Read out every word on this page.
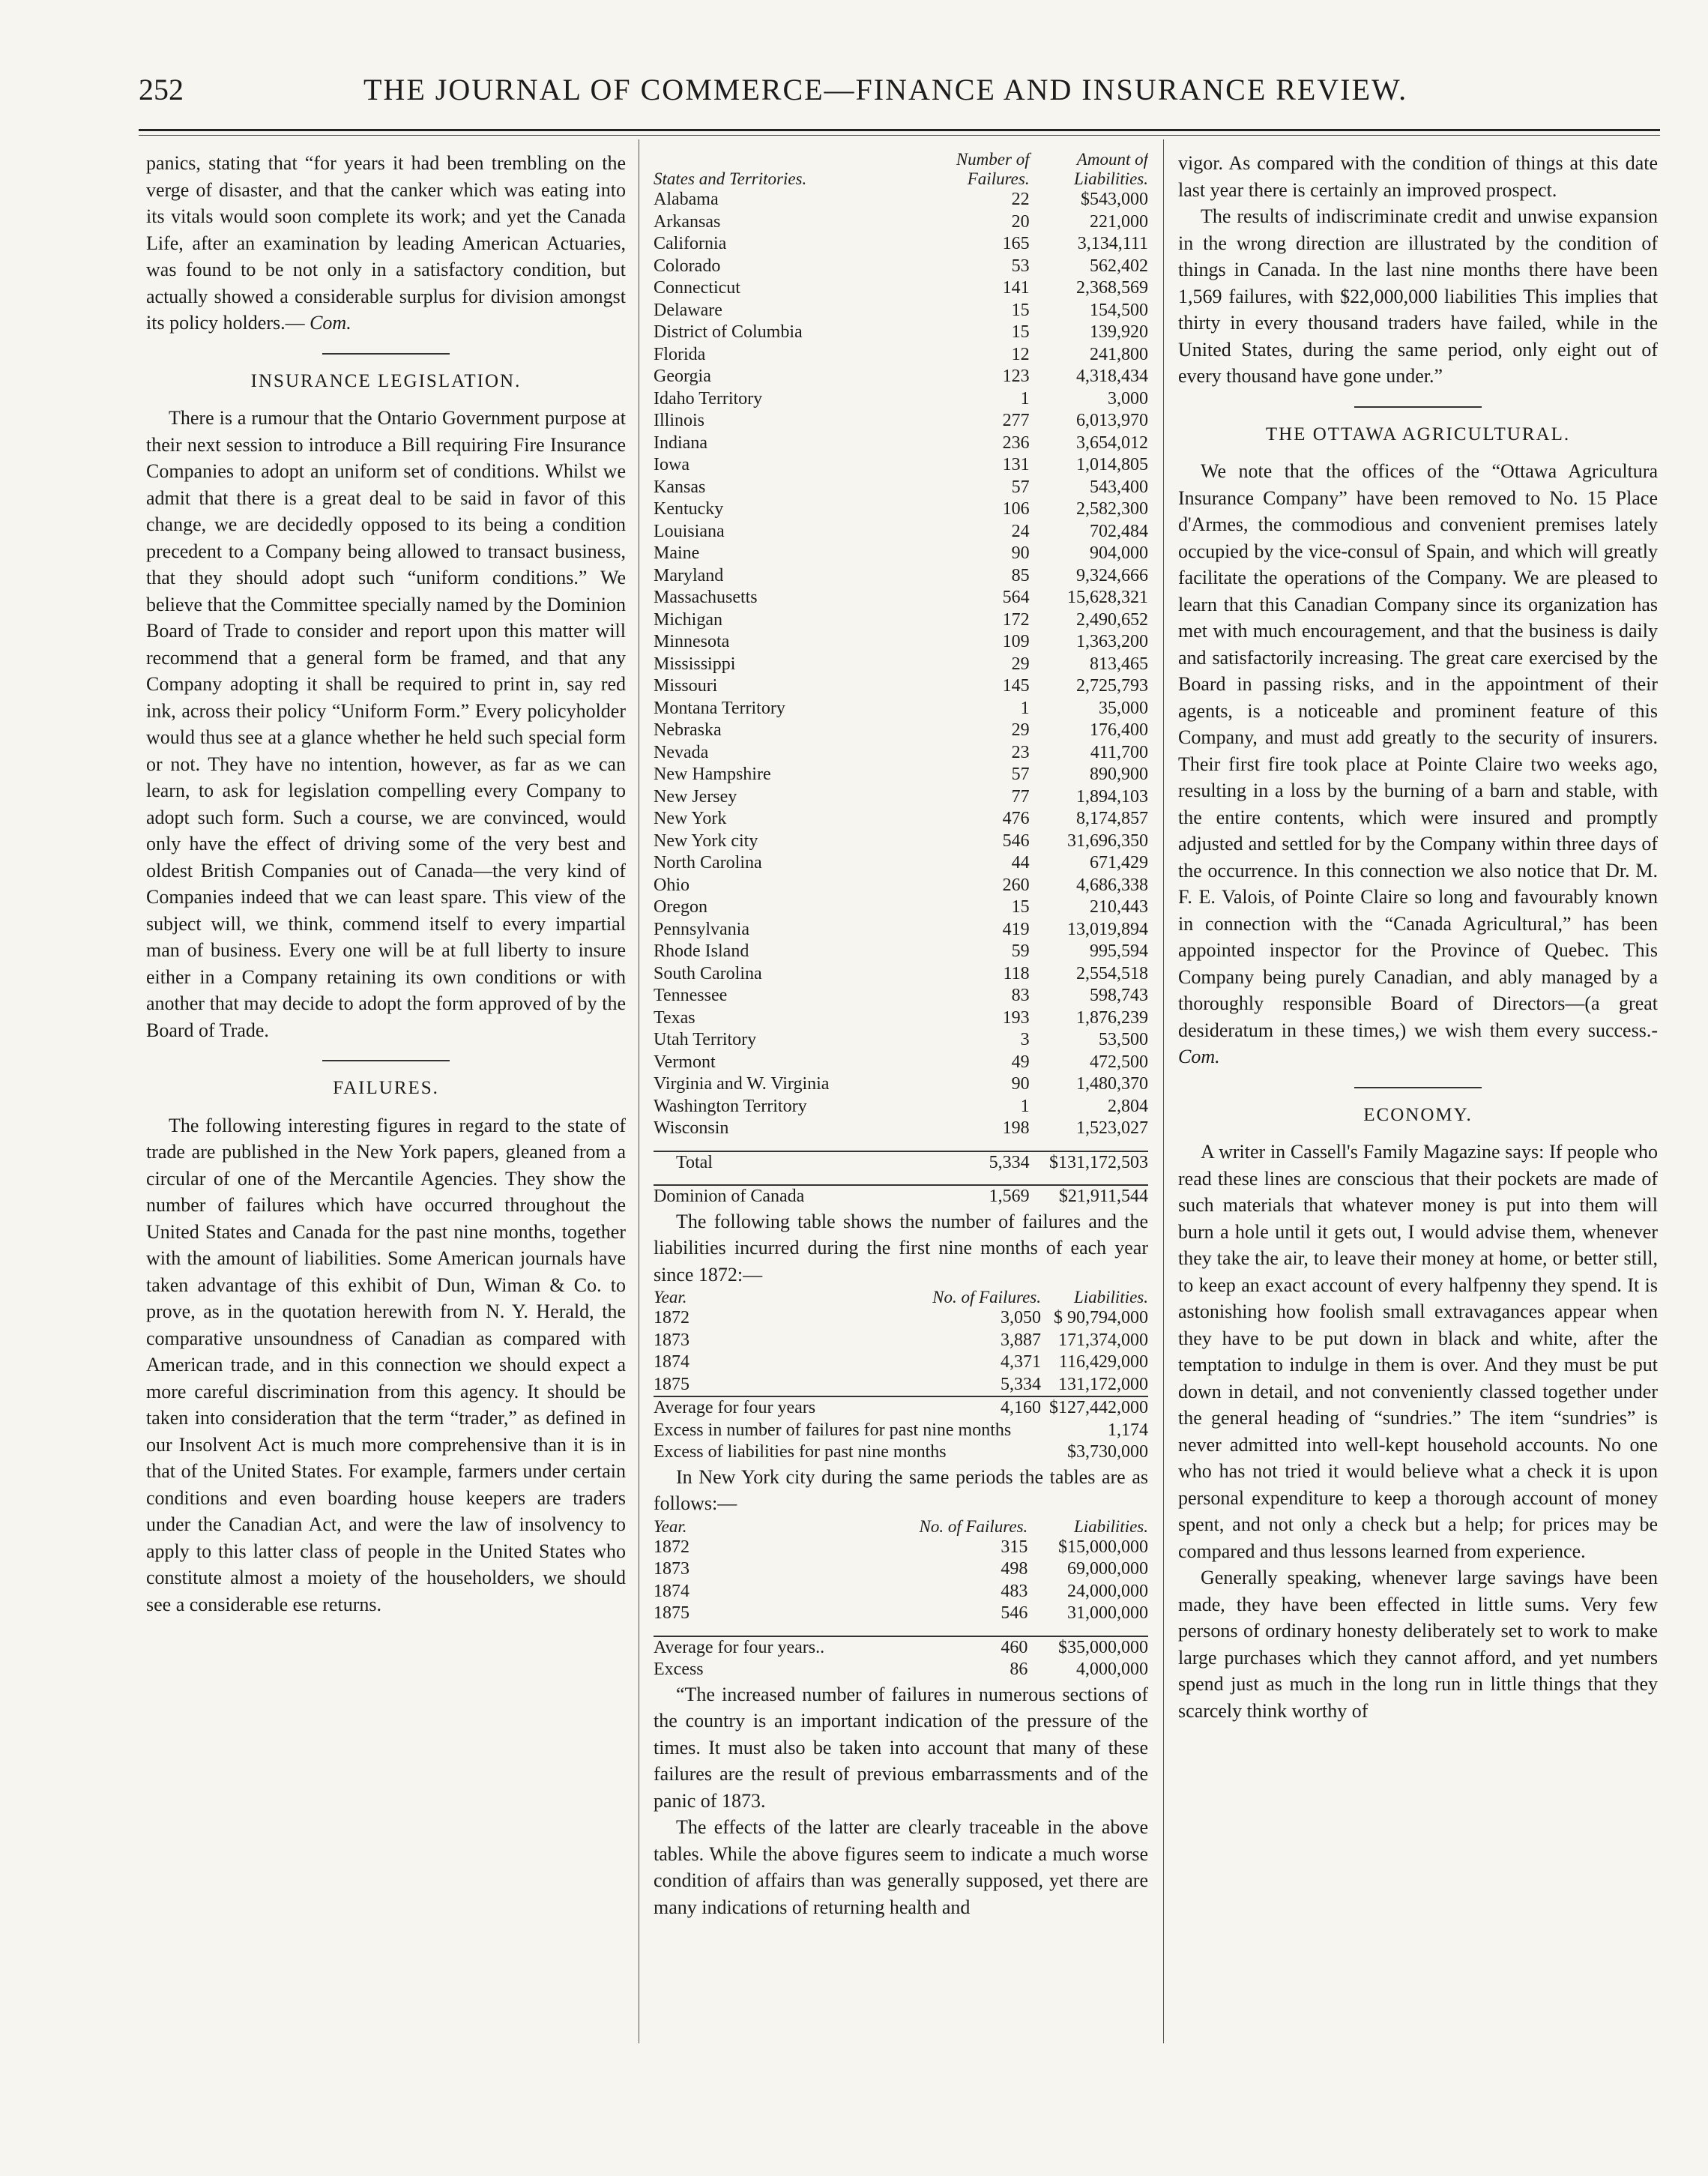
252	THE JOURNAL OF COMMERCE—FINANCE AND INSURANCE REVIEW.

panics, stating that “for years it had been trembling on the verge of disaster, and that the canker which was eating into its vitals would soon complete its work; and yet the Canada Life, after an examination by leading American Actuaries, was found to be not only in a satisfactory condition, but actually showed a considerable surplus for division amongst its policy holders.— Com.

INSURANCE LEGISLATION.

There is a rumour that the Ontario Government purpose at their next session to introduce a Bill requiring Fire Insurance Companies to adopt an uniform set of conditions. Whilst we admit that there is a great deal to be said in favor of this change, we are decidedly opposed to its being a condition precedent to a Company being allowed to transact business, that they should adopt such “uniform conditions.” We believe that the Committee specially named by the Dominion Board of Trade to consider and report upon this matter will recommend that a general form be framed, and that any Company adopting it shall be required to print in, say red ink, across their policy “Uniform Form.” Every policyholder would thus see at a glance whether he held such special form or not. They have no intention, however, as far as we can learn, to ask for legislation compelling every Company to adopt such form. Such a course, we are convinced, would only have the effect of driving some of the very best and oldest British Companies out of Canada—the very kind of Companies indeed that we can least spare. This view of the subject will, we think, commend itself to every impartial man of business. Every one will be at full liberty to insure either in a Company retaining its own conditions or with another that may decide to adopt the form approved of by the Board of Trade.

FAILURES.

The following interesting figures in regard to the state of trade are published in the New York papers, gleaned from a circular of one of the Mercantile Agencies. They show the number of failures which have occurred throughout the United States and Canada for the past nine months, together with the amount of liabilities. Some American journals have taken advantage of this exhibit of Dun, Wiman & Co. to prove, as in the quotation herewith from N. Y. Herald, the comparative unsoundness of Canadian as compared with American trade, and in this connection we should expect a more careful discrimination from this agency. It should be taken into consideration that the term “trader,” as defined in our Insolvent Act is much more comprehensive than it is in that of the United States. For example, farmers under certain conditions and even boarding house keepers are traders under the Canadian Act, and were the law of insolvency to apply to this latter class of people in the United States who constitute almost a moiety of the householders, we should see a considerable ese returns.

States and Territories.	Number of Failures.	Amount of Liabilities.
Alabama	22	$543,000
Arkansas	20	221,000
California	165	3,134,111
Colorado	53	562,402
Connecticut	141	2,368,569
Delaware	15	154,500
District of Columbia	15	139,920
Florida	12	241,800
Georgia	123	4,318,434
Idaho Territory	1	3,000
Illinois	277	6,013,970
Indiana	236	3,654,012
Iowa	131	1,014,805
Kansas	57	543,400
Kentucky	106	2,582,300
Louisiana	24	702,484
Maine	90	904,000
Maryland	85	9,324,666
Massachusetts	564	15,628,321
Michigan	172	2,490,652
Minnesota	109	1,363,200
Mississippi	29	813,465
Missouri	145	2,725,793
Montana Territory	1	35,000
Nebraska	29	176,400
Nevada	23	411,700
New Hampshire	57	890,900
New Jersey	77	1,894,103
New York	476	8,174,857
New York city	546	31,696,350
North Carolina	44	671,429
Ohio	260	4,686,338
Oregon	15	210,443
Pennsylvania	419	13,019,894
Rhode Island	59	995,594
South Carolina	118	2,554,518
Tennessee	83	598,743
Texas	193	1,876,239
Utah Territory	3	53,500
Vermont	49	472,500
Virginia and W. Virginia	90	1,480,370
Washington Territory	1	2,804
Wisconsin	198	1,523,027

Total	5,334	$131,172,503

Dominion of Canada	1,569	$21,911,544

The following table shows the number of failures and the liabilities incurred during the first nine months of each year since 1872:—

Year.	No. of Failures.	Liabilities.
1872	3,050	$ 90,794,000
1873	3,887	171,374,000
1874	4,371	116,429,000
1875	5,334	131,172,000
Average for four years	4,160	$127,442,000
Excess in number of failures for past nine months		1,174
Excess of liabilities for past nine months		$3,730,000

In New York city during the same periods the tables are as follows:—

Year.	No. of Failures.	Liabilities.
1872	315	$15,000,000
1873	498	69,000,000
1874	483	24,000,000
1875	546	31,000,000

Average for four years..	460	$35,000,000
Excess	86	4,000,000

“The increased number of failures in numerous sections of the country is an important indication of the pressure of the times. It must also be taken into account that many of these failures are the result of previous embarrassments and of the panic of 1873.

The effects of the latter are clearly traceable in the above tables. While the above figures seem to indicate a much worse condition of affairs than was generally supposed, yet there are many indications of returning health and

vigor. As compared with the condition of things at this date last year there is certainly an improved prospect.

The results of indiscriminate credit and unwise expansion in the wrong direction are illustrated by the condition of things in Canada. In the last nine months there have been 1,569 failures, with $22,000,000 liabilities This implies that thirty in every thousand traders have failed, while in the United States, during the same period, only eight out of every thousand have gone under.”

THE OTTAWA AGRICULTURAL.

We note that the offices of the “Ottawa Agricultura Insurance Company” have been removed to No. 15 Place d'Armes, the commodious and convenient premises lately occupied by the vice-consul of Spain, and which will greatly facilitate the operations of the Company. We are pleased to learn that this Canadian Company since its organization has met with much encouragement, and that the business is daily and satisfactorily increasing. The great care exercised by the Board in passing risks, and in the appointment of their agents, is a noticeable and prominent feature of this Company, and must add greatly to the security of insurers. Their first fire took place at Pointe Claire two weeks ago, resulting in a loss by the burning of a barn and stable, with the entire contents, which were insured and promptly adjusted and settled for by the Company within three days of the occurrence. In this connection we also notice that Dr. M. F. E. Valois, of Pointe Claire so long and favourably known in connection with the “Canada Agricultural,” has been appointed inspector for the Province of Quebec. This Company being purely Canadian, and ably managed by a thoroughly responsible Board of Directors—(a great desideratum in these times,) we wish them every success.-Com.

ECONOMY.

A writer in Cassell's Family Magazine says: If people who read these lines are conscious that their pockets are made of such materials that whatever money is put into them will burn a hole until it gets out, I would advise them, whenever they take the air, to leave their money at home, or better still, to keep an exact account of every halfpenny they spend. It is astonishing how foolish small extravagances appear when they have to be put down in black and white, after the temptation to indulge in them is over. And they must be put down in detail, and not conveniently classed together under the general heading of “sundries.” The item “sundries” is never admitted into well-kept household accounts. No one who has not tried it would believe what a check it is upon personal expenditure to keep a thorough account of money spent, and not only a check but a help; for prices may be compared and thus lessons learned from experience.

Generally speaking, whenever large savings have been made, they have been effected in little sums. Very few persons of ordinary honesty deliberately set to work to make large purchases which they cannot afford, and yet numbers spend just as much in the long run in little things that they scarcely think worthy of
